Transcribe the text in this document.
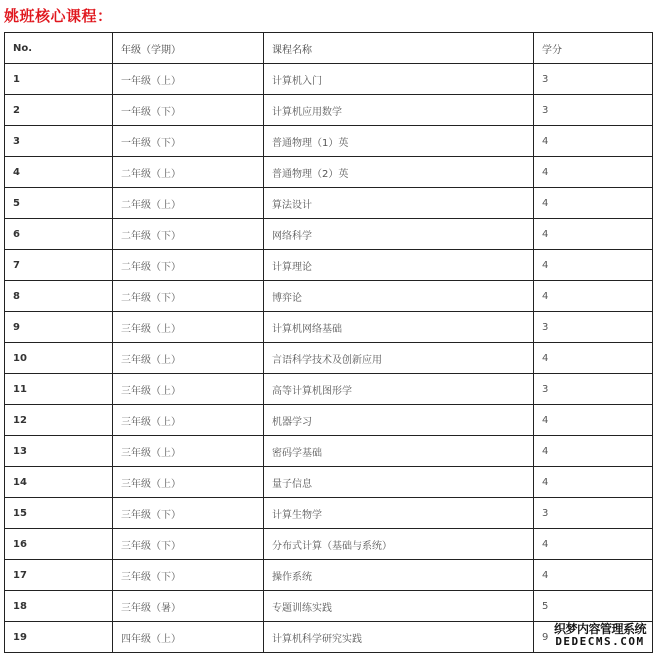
姚班核心课程：
No.	年级（学期）	课程名称	学分
1	一年级（上）	计算机入门	3
2	一年级（下）	计算机应用数学	3
3	一年级（下）	普通物理（1）英	4
4	二年级（上）	普通物理（2）英	4
5	二年级（上）	算法设计	4
6	二年级（下）	网络科学	4
7	二年级（下）	计算理论	4
8	二年级（下）	博弈论	4
9	三年级（上）	计算机网络基础	3
10	三年级（上）	言语科学技术及创新应用	4
11	三年级（上）	高等计算机图形学	3
12	三年级（上）	机器学习	4
13	三年级（上）	密码学基础	4
14	三年级（上）	量子信息	4
15	三年级（下）	计算生物学	3
16	三年级（下）	分布式计算（基础与系统）	4
17	三年级（下）	操作系统	4
18	三年级（暑）	专题训练实践	5
19	四年级（上）	计算机科学研究实践	9
织梦内容管理系统
DEDECMS.COM
